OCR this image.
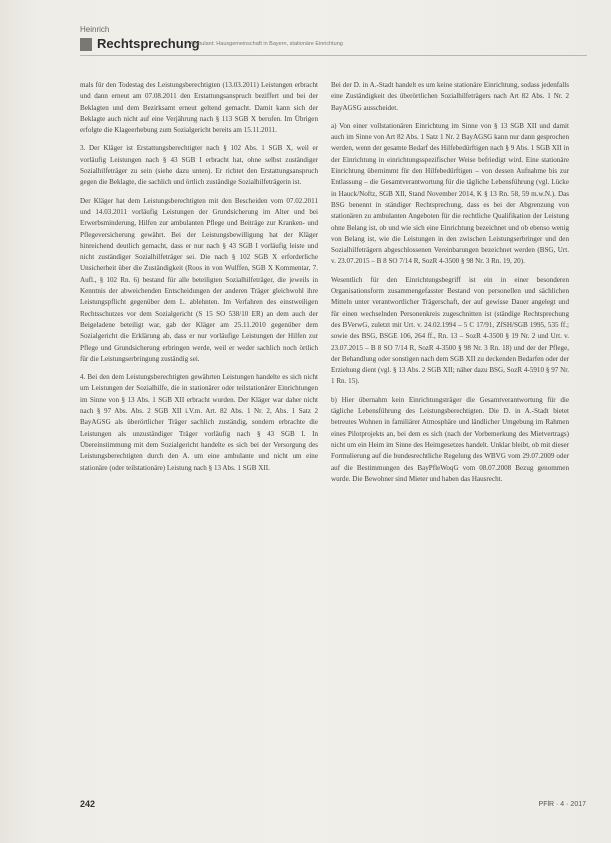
Heinrich
Rechtsprechung
Ambulant: Hausgemeinschaft in Bayern, stationäre Einrichtung

mals für den Todestag des Leistungsberechtigten (13.03.2011) Leistungen erbracht und dann erneut am 07.08.2011 den Erstattungsanspruch beziffert und bei der Beklagten und dem Bezirksamt erneut geltend gemacht. Damit kann sich der Beklagte auch nicht auf eine Verjährung nach § 113 SGB X berufen. Im Übrigen erfolgte die Klageerhebung zum Sozialgericht bereits am 15.11.2011.

3. Der Kläger ist Erstattungsberechtigter nach § 102 Abs. 1 SGB X, weil er vorläufig Leistungen nach § 43 SGB I erbracht hat, ohne selbst zuständiger Sozialhilfeträger zu sein (siehe dazu unten). Er richtet den Erstattungsanspruch gegen die Beklagte, die sachlich und örtlich zuständige Sozialhilfeträgerin ist.

Der Kläger hat dem Leistungsberechtigten mit den Bescheiden vom 07.02.2011 und 14.03.2011 vorläufig Leistungen der Grundsicherung im Alter und bei Erwerbsminderung, Hilfen zur ambulanten Pflege und Beiträge zur Kranken- und Pflegeversicherung gewährt. Bei der Leistungsbewilligung hat der Kläger hinreichend deutlich gemacht, dass er nur nach § 43 SGB I vorläufig leiste und nicht zuständiger Sozialhilfeträger sei. Die nach § 102 SGB X erforderliche Unsicherheit über die Zuständigkeit (Roos in von Wulffen, SGB X Kommentar, 7. Aufl., § 102 Rn. 6) bestand für alle beteiligten Sozialhilfeträger, die jeweils in Kenntnis der abweichenden Entscheidungen der anderen Träger gleichwohl ihre Leistungspflicht gegenüber dem L. ablehnten. Im Verfahren des einstweiligen Rechtsschutzes vor dem Sozialgericht (S 15 SO 538/10 ER) an dem auch der Beigeladene beteiligt war, gab der Kläger am 25.11.2010 gegenüber dem Sozialgericht die Erklärung ab, dass er nur vorläufige Leistungen der Hilfen zur Pflege und Grundsicherung erbringen werde, weil er weder sachlich noch örtlich für die Leistungserbringung zuständig sei.

4. Bei den dem Leistungsberechtigten gewährten Leistungen handelte es sich nicht um Leistungen der Sozialhilfe, die in stationärer oder teilstationärer Einrichtungen im Sinne von § 13 Abs. 1 SGB XII erbracht wurden. Der Kläger war daher nicht nach § 97 Abs. Abs. 2 SGB XII i.V.m. Art. 82 Abs. 1 Nr. 2, Abs. 1 Satz 2 BayAGSG als überörtlicher Träger sachlich zuständig, sondern erbrachte die Leistungen als unzuständiger Träger vorläufig nach § 43 SGB I. In Übereinstimmung mit dem Sozialgericht handelte es sich bei der Versorgung des Leistungsberechtigten durch den A. um eine ambulante und nicht um eine stationäre (oder teilstationäre) Leistung nach § 13 Abs. 1 SGB XII.

Bei der D. in A.-Stadt handelt es um keine stationäre Einrichtung, sodass jedenfalls eine Zuständigkeit des überörtlichen Sozialhilfeträgers nach Art 82 Abs. 1 Nr. 2 BayAGSG ausscheidet.

a) Von einer vollstationären Einrichtung im Sinne von § 13 SGB XII und damit auch im Sinne von Art 82 Abs. 1 Satz 1 Nr. 2 BayAGSG kann nur dann gesprochen werden, wenn der gesamte Bedarf des Hilfebedürftigen nach § 9 Abs. 1 SGB XII in der Einrichtung in einrichtungsspezifischer Weise befriedigt wird. Eine stationäre Einrichtung übernimmt für den Hilfebedürftigen – von dessen Aufnahme bis zur Entlassung – die Gesamtverantwortung für die tägliche Lebensführung (vgl. Lücke in Hauck/Noftz, SGB XII, Stand November 2014, K § 13 Rn. 58, 59 m.w.N.). Das BSG benennt in ständiger Rechtsprechung, dass es bei der Abgrenzung von stationären zu ambulanten Angeboten für die rechtliche Qualifikation der Leistung ohne Belang ist, ob und wie sich eine Einrichtung bezeichnet und ob ebenso wenig von Belang ist, wie die Leistungen in den zwischen Leistungserbringer und den Sozialhilfeträgern abgeschlossenen Vereinbarungen bezeichnet werden (BSG, Urt. v. 23.07.2015 – B 8 SO 7/14 R, SozR 4-3500 § 98 Nr. 3 Rn. 19, 20).

Wesentlich für den Einrichtungsbegriff ist ein in einer besonderen Organisationsform zusammengefasster Bestand von personellen und sächlichen Mitteln unter verantwortlicher Trägerschaft, der auf gewisse Dauer angelegt und für einen wechselnden Personenkreis zugeschnitten ist (ständige Rechtsprechung des BVerwG, zuletzt mit Urt. v. 24.02.1994 – 5 C 17/91, ZfSH/SGB 1995, 535 ff.; sowie des BSG, BSGE 106, 264 ff., Rn. 13 – SozR 4-3500 § 19 Nr. 2 und Urt. v. 23.07.2015 – B 8 SO 7/14 R, SozR 4-3500 § 98 Nr. 3 Rn. 18) und der der Pflege, der Behandlung oder sonstigen nach dem SGB XII zu deckenden Bedarfen oder der Erziehung dient (vgl. § 13 Abs. 2 SGB XII; näher dazu BSG, SozR 4-5910 § 97 Nr. 1 Rn. 15).

b) Hier übernahm kein Einrichtungsträger die Gesamtverantwortung für die tägliche Lebensführung des Leistungsberechtigten. Die D. in A.-Stadt bietet betreutes Wohnen in familiärer Atmosphäre und ländlicher Umgebung im Rahmen eines Pilotprojekts an, bei dem es sich (nach der Vorbemerkung des Mietvertrags) nicht um ein Heim im Sinne des Heimgesetzes handelt. Unklar bleibt, ob mit dieser Formulierung auf die bundesrechtliche Regelung des WBVG vom 29.07.2009 oder auf die Bestimmungen des BayPfleWoqG vom 08.07.2008 Bezug genommen wurde. Die Bewohner sind Mieter und haben das Hausrecht.

242	PFlR · 4 · 2017
